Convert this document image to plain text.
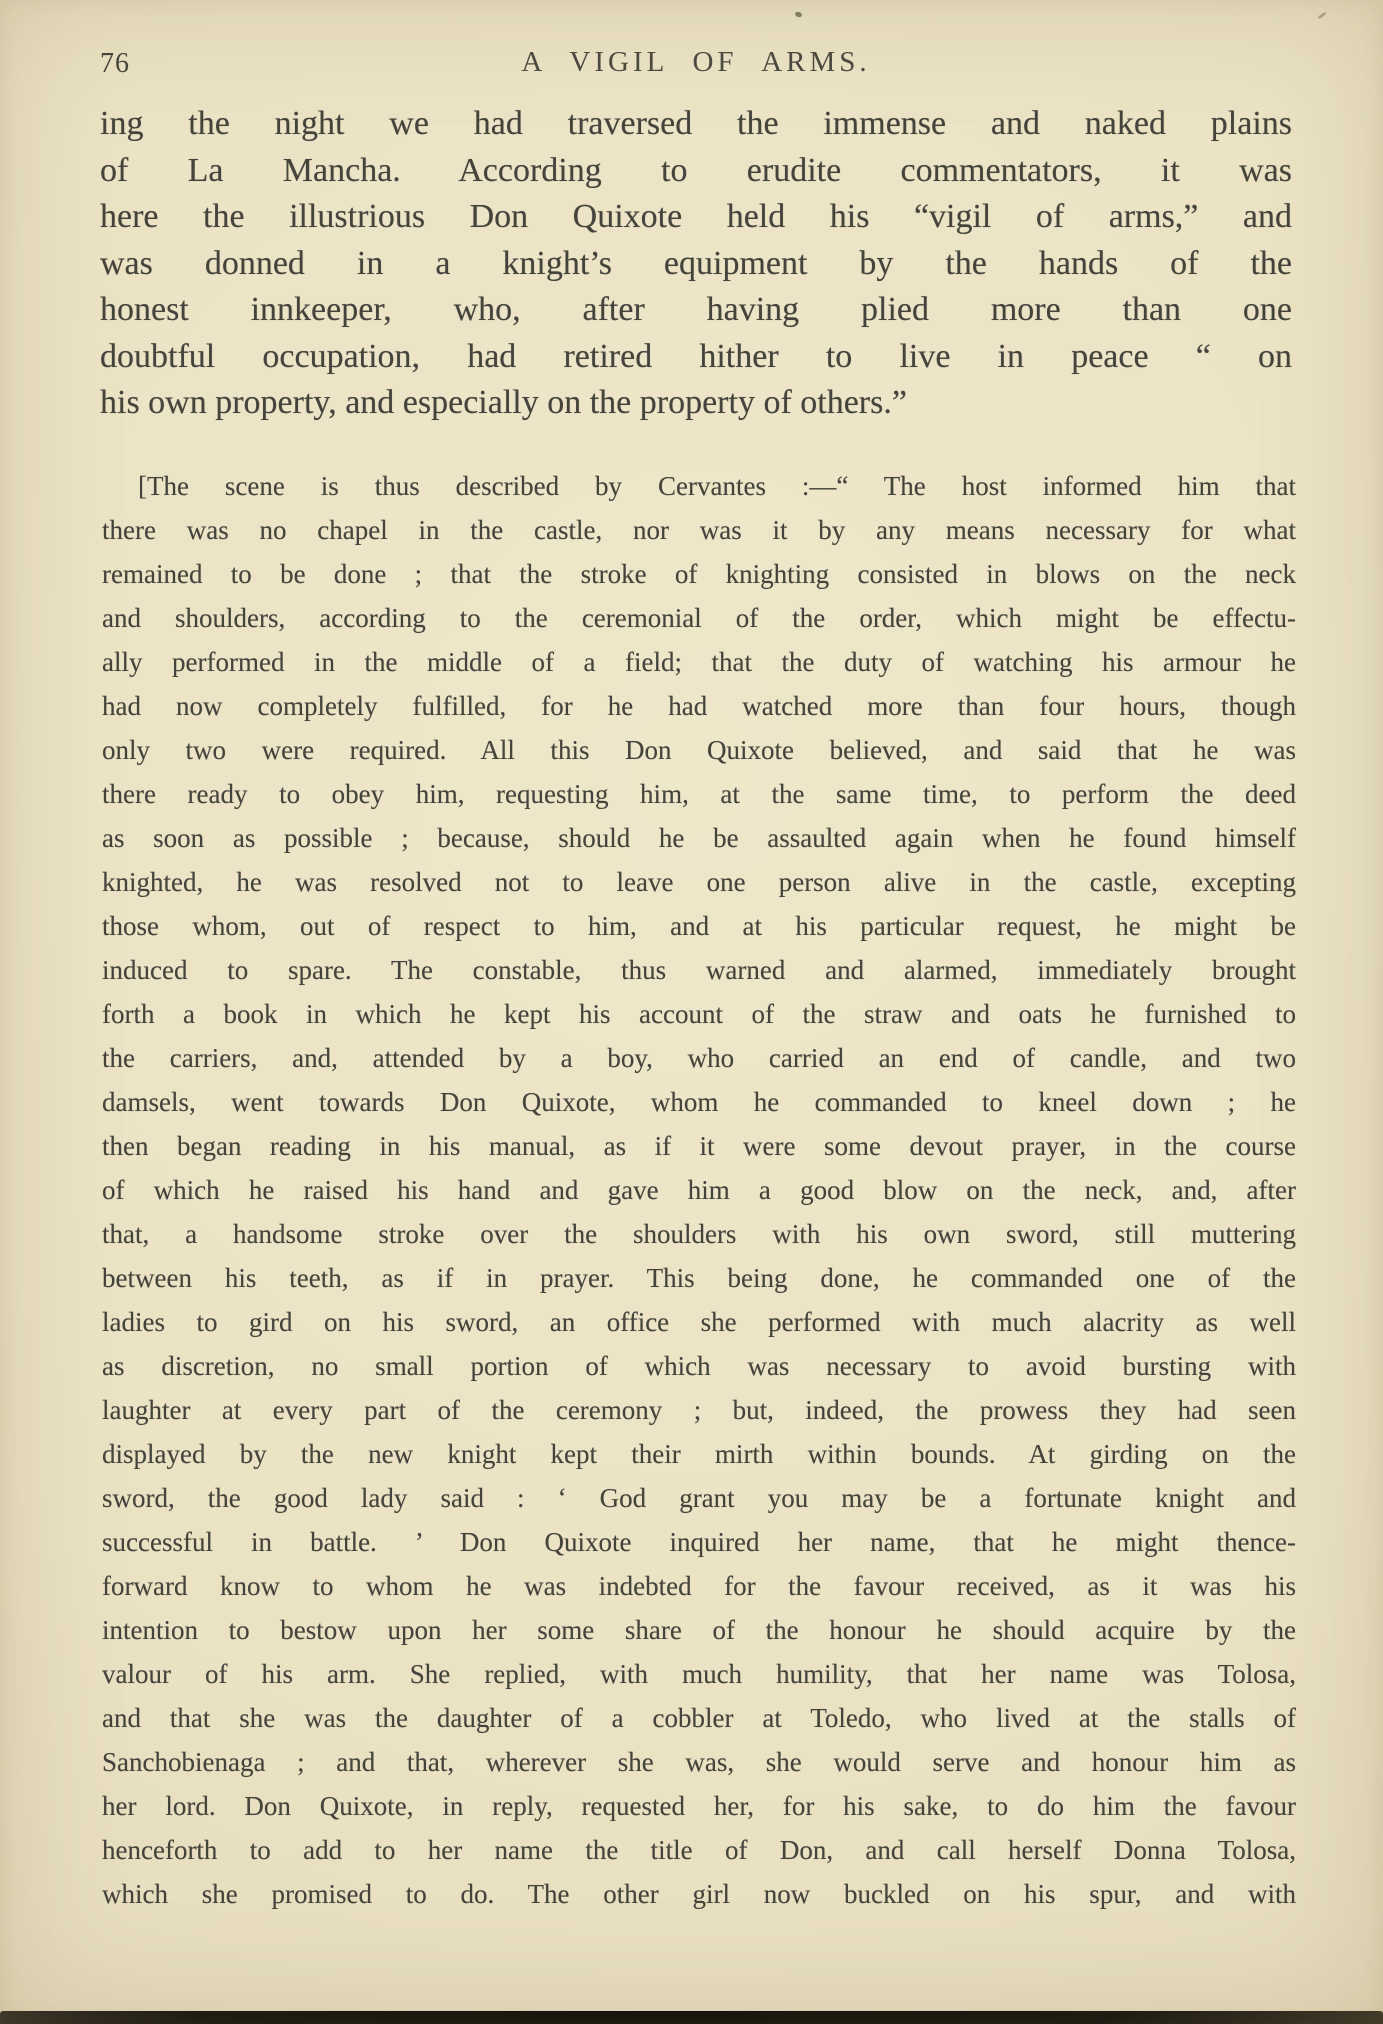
76	A VIGIL OF ARMS.
ing the night we had traversed the immense and naked plains
of La Mancha. According to erudite commentators, it was
here the illustrious Don Quixote held his “vigil of arms,” and
was donned in a knight’s equipment by the hands of the
honest innkeeper, who, after having plied more than one
doubtful occupation, had retired hither to live in peace “ on
his own property, and especially on the property of others.”
[The scene is thus described by Cervantes :—“ The host informed him that
there was no chapel in the castle, nor was it by any means necessary for what
remained to be done ; that the stroke of knighting consisted in blows on the neck
and shoulders, according to the ceremonial of the order, which might be effectu-
ally performed in the middle of a field; that the duty of watching his armour he
had now completely fulfilled, for he had watched more than four hours, though
only two were required. All this Don Quixote believed, and said that he was
there ready to obey him, requesting him, at the same time, to perform the deed
as soon as possible ; because, should he be assaulted again when he found himself
knighted, he was resolved not to leave one person alive in the castle, excepting
those whom, out of respect to him, and at his particular request, he might be
induced to spare. The constable, thus warned and alarmed, immediately brought
forth a book in which he kept his account of the straw and oats he furnished to
the carriers, and, attended by a boy, who carried an end of candle, and two
damsels, went towards Don Quixote, whom he commanded to kneel down ; he
then began reading in his manual, as if it were some devout prayer, in the course
of which he raised his hand and gave him a good blow on the neck, and, after
that, a handsome stroke over the shoulders with his own sword, still muttering
between his teeth, as if in prayer. This being done, he commanded one of the
ladies to gird on his sword, an office she performed with much alacrity as well
as discretion, no small portion of which was necessary to avoid bursting with
laughter at every part of the ceremony ; but, indeed, the prowess they had seen
displayed by the new knight kept their mirth within bounds. At girding on the
sword, the good lady said : ‘ God grant you may be a fortunate knight and
successful in battle. ’ Don Quixote inquired her name, that he might thence-
forward know to whom he was indebted for the favour received, as it was his
intention to bestow upon her some share of the honour he should acquire by the
valour of his arm. She replied, with much humility, that her name was Tolosa,
and that she was the daughter of a cobbler at Toledo, who lived at the stalls of
Sanchobienaga ; and that, wherever she was, she would serve and honour him as
her lord. Don Quixote, in reply, requested her, for his sake, to do him the favour
henceforth to add to her name the title of Don, and call herself Donna Tolosa,
which she promised to do. The other girl now buckled on his spur, and with
